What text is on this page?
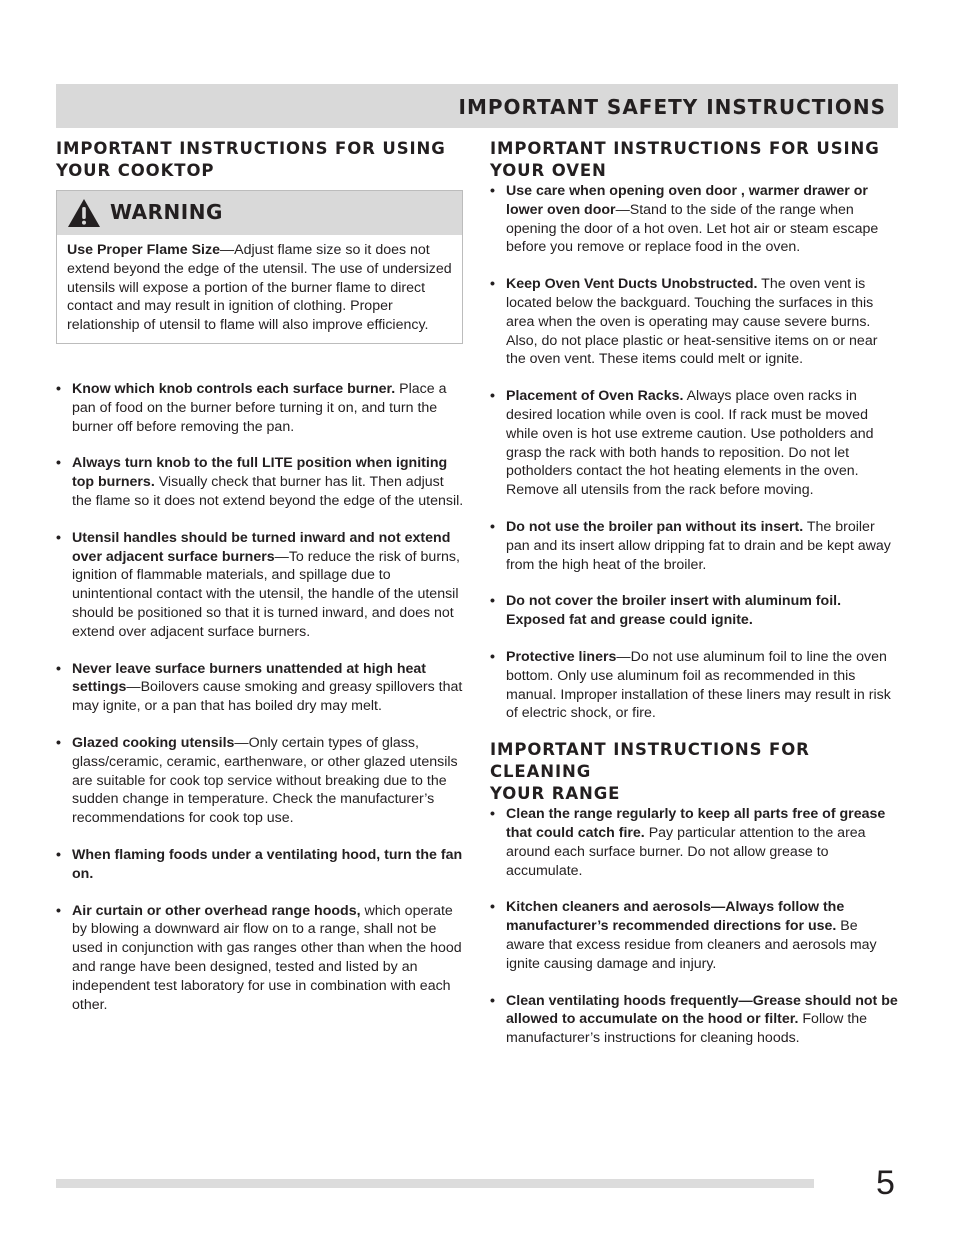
IMPORTANT SAFETY INSTRUCTIONS
IMPORTANT INSTRUCTIONS FOR USING
YOUR COOKTOP
WARNING
Use Proper Flame Size—Adjust flame size so it does not extend beyond the edge of the utensil. The use of undersized utensils will expose a portion of the burner flame to direct contact and may result in ignition of clothing. Proper relationship of utensil to flame will also improve efficiency.
• Know which knob controls each surface burner. Place a pan of food on the burner before turning it on, and turn the burner off before removing the pan.
• Always turn knob to the full LITE position when igniting top burners. Visually check that burner has lit. Then adjust the flame so it does not extend beyond the edge of the utensil.
• Utensil handles should be turned inward and not extend over adjacent surface burners—To reduce the risk of burns, ignition of flammable materials, and spillage due to unintentional contact with the utensil, the handle of the utensil should be positioned so that it is turned inward, and does not extend over adjacent surface burners.
• Never leave surface burners unattended at high heat settings—Boilovers cause smoking and greasy spillovers that may ignite, or a pan that has boiled dry may melt.
• Glazed cooking utensils—Only certain types of glass, glass/ceramic, ceramic, earthenware, or other glazed utensils are suitable for cook top service without breaking due to the sudden change in temperature. Check the manufacturer’s recommendations for cook top use.
• When flaming foods under a ventilating hood, turn the fan on.
• Air curtain or other overhead range hoods, which operate by blowing a downward air flow on to a range, shall not be used in conjunction with gas ranges other than when the hood and range have been designed, tested and listed by an independent test laboratory for use in combination with each other.
IMPORTANT INSTRUCTIONS FOR USING
YOUR OVEN
• Use care when opening oven door , warmer drawer or lower oven door—Stand to the side of the range when opening the door of a hot oven. Let hot air or steam escape before you remove or replace food in the oven.
• Keep Oven Vent Ducts Unobstructed. The oven vent is located below the backguard. Touching the surfaces in this area when the oven is operating may cause severe burns. Also, do not place plastic or heat-sensitive items on or near the oven vent. These items could melt or ignite.
• Placement of Oven Racks. Always place oven racks in desired location while oven is cool. If rack must be moved while oven is hot use extreme caution. Use potholders and grasp the rack with both hands to reposition. Do not let potholders contact the hot heating elements in the oven. Remove all utensils from the rack before moving.
• Do not use the broiler pan without its insert. The broiler pan and its insert allow dripping fat to drain and be kept away from the high heat of the broiler.
• Do not cover the broiler insert with aluminum foil. Exposed fat and grease could ignite.
• Protective liners—Do not use aluminum foil to line the oven bottom. Only use aluminum foil as recommended in this manual. Improper installation of these liners may result in risk of electric shock, or fire.
IMPORTANT INSTRUCTIONS FOR CLEANING
YOUR RANGE
• Clean the range regularly to keep all parts free of grease that could catch fire. Pay particular attention to the area around each surface burner. Do not allow grease to accumulate.
• Kitchen cleaners and aerosols—Always follow the manufacturer’s recommended directions for use. Be aware that excess residue from cleaners and aerosols may ignite causing damage and injury.
• Clean ventilating hoods frequently—Grease should not be allowed to accumulate on the hood or filter. Follow the manufacturer’s instructions for cleaning hoods.
5
